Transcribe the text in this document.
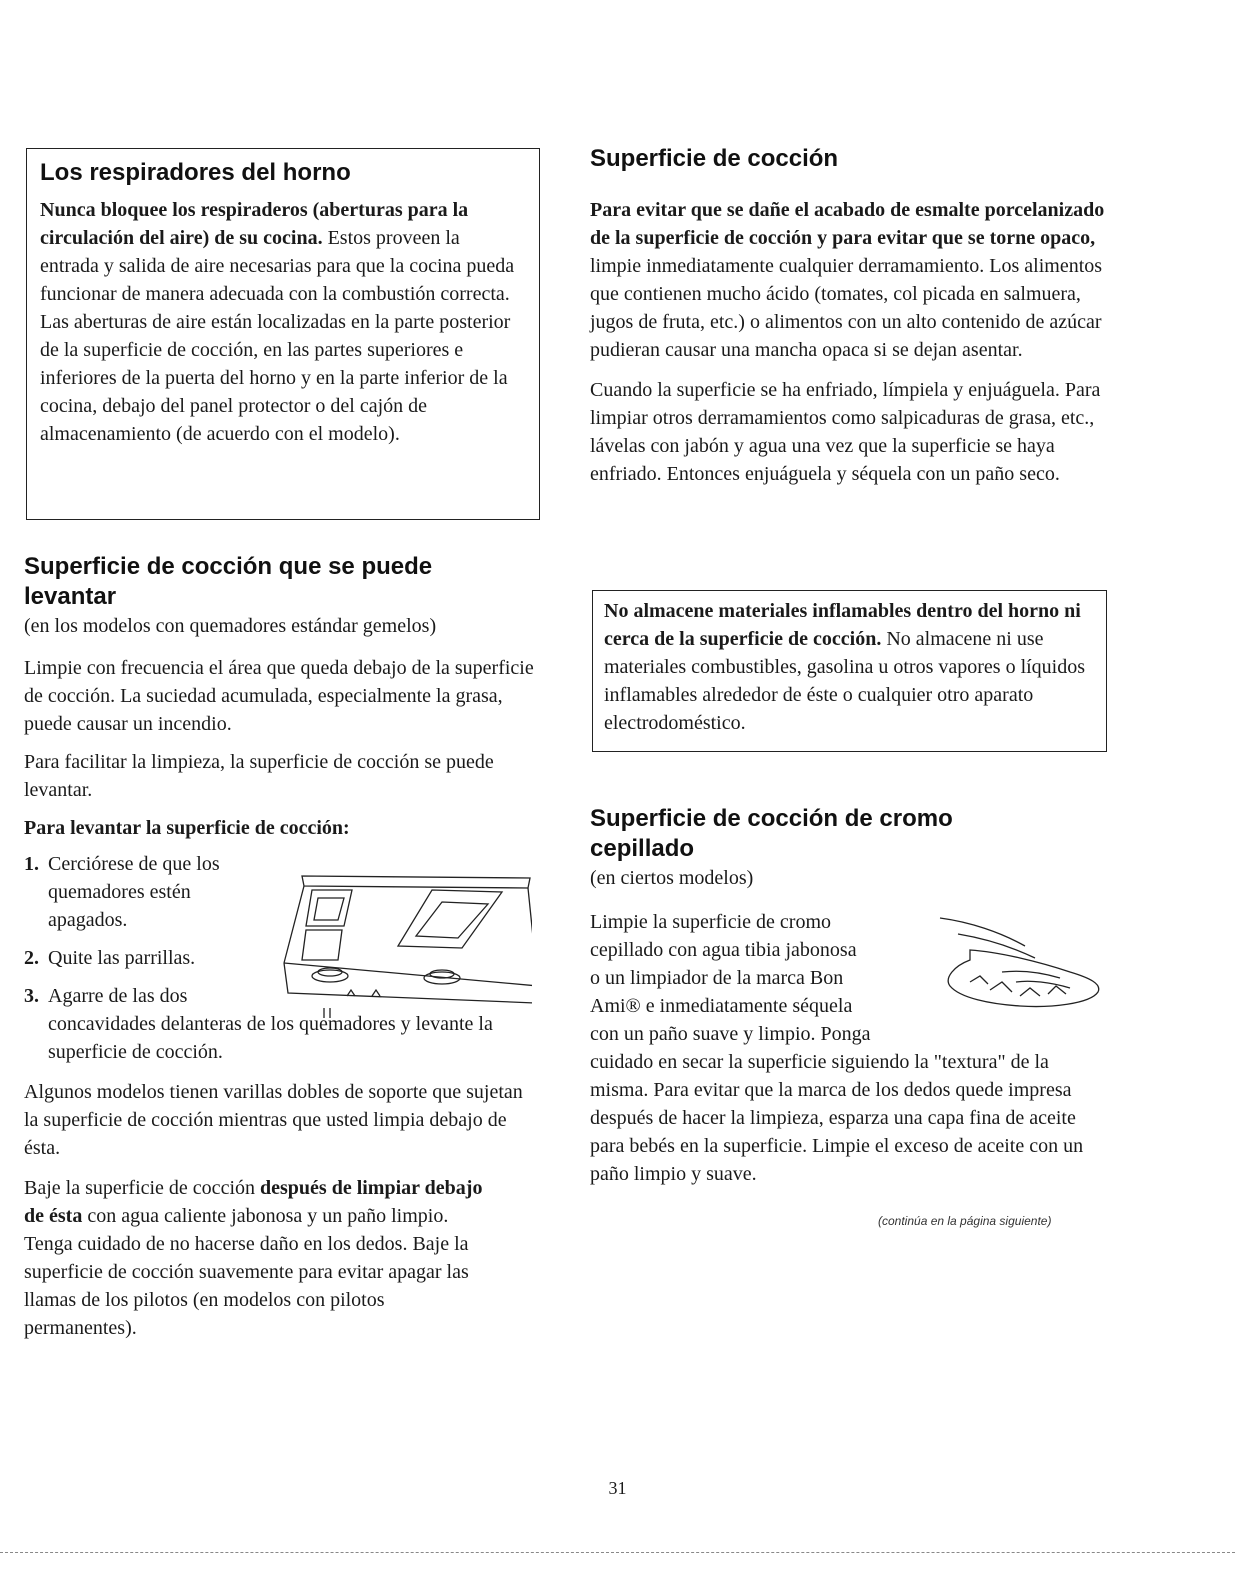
Los respiradores del horno

Nunca bloquee los respiraderos (aberturas para la circulación del aire) de su cocina. Estos proveen la entrada y salida de aire necesarias para que la cocina pueda funcionar de manera adecuada con la combustión correcta. Las aberturas de aire están localizadas en la parte posterior de la superficie de cocción, en las partes superiores e inferiores de la puerta del horno y en la parte inferior de la cocina, debajo del panel protector o del cajón de almacenamiento (de acuerdo con el modelo).

Superficie de cocción que se puede levantar

(en los modelos con quemadores estándar gemelos)

Limpie con frecuencia el área que queda debajo de la superficie de cocción. La suciedad acumulada, especialmente la grasa, puede causar un incendio.

Para facilitar la limpieza, la superficie de cocción se puede levantar.

Para levantar la superficie de cocción:

1. Cerciórese de que los quemadores estén apagados.
2. Quite las parrillas.
3. Agarre de las dos

concavidades delanteras de los quemadores y levante la superficie de cocción.

Algunos modelos tienen varillas dobles de soporte que sujetan la superficie de cocción mientras que usted limpia debajo de ésta.

Baje la superficie de cocción después de limpiar debajo de ésta con agua caliente jabonosa y un paño limpio. Tenga cuidado de no hacerse daño en los dedos. Baje la superficie de cocción suavemente para evitar apagar las llamas de los pilotos (en modelos con pilotos permanentes).

Superficie de cocción

Para evitar que se dañe el acabado de esmalte porcelanizado de la superficie de cocción y para evitar que se torne opaco, limpie inmediatamente cualquier derramamiento. Los alimentos que contienen mucho ácido (tomates, col picada en salmuera, jugos de fruta, etc.) o alimentos con un alto contenido de azúcar pudieran causar una mancha opaca si se dejan asentar.

Cuando la superficie se ha enfriado, límpiela y enjuáguela. Para limpiar otros derramamientos como salpicaduras de grasa, etc., lávelas con jabón y agua una vez que la superficie se haya enfriado. Entonces enjuáguela y séquela con un paño seco.

No almacene materiales inflamables dentro del horno ni cerca de la superficie de cocción. No almacene ni use materiales combustibles, gasolina u otros vapores o líquidos inflamables alrededor de éste o cualquier otro aparato electrodoméstico.

Superficie de cocción de cromo cepillado

(en ciertos modelos)

Limpie la superficie de cromo

cepillado con agua tibia jabonosa

o un limpiador de la marca Bon

Ami® e inmediatamente séquela

con un paño suave y limpio. Ponga

cuidado en secar la superficie siguiendo la "textura" de la misma. Para evitar que la marca de los dedos quede impresa después de hacer la limpieza, esparza una capa fina de aceite para bebés en la superficie. Limpie el exceso de aceite con un paño limpio y suave.

(continúa en la página siguiente)
31
